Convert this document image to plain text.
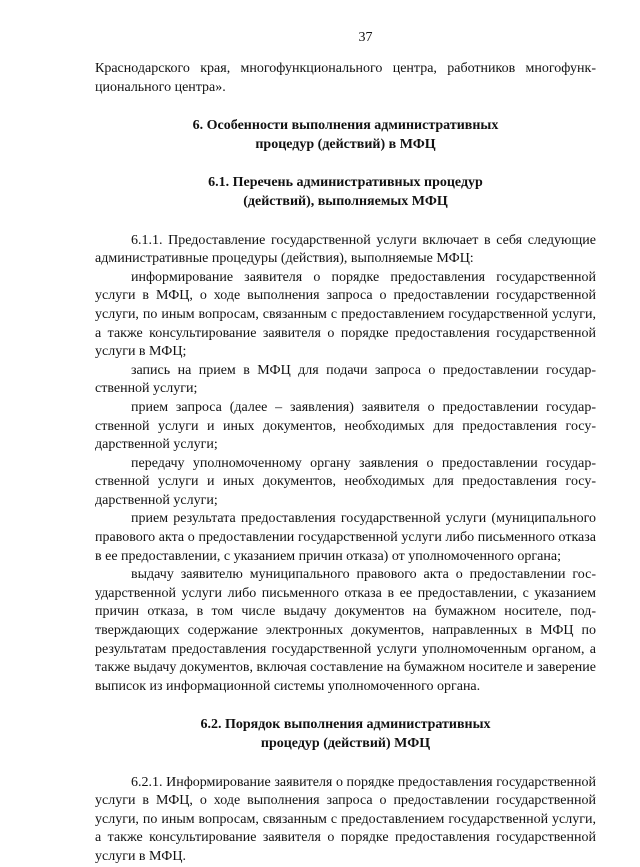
37

Краснодарского края, многофункционального центра, работников многофункционального центра».

6. Особенности выполнения административных
процедур (действий) в МФЦ
6.1. Перечень административных процедур
(действий), выполняемых МФЦ

6.1.1. Предоставление государственной услуги включает в себя следующие административные процедуры (действия), выполняемые МФЦ:

информирование заявителя о порядке предоставления государственной услуги в МФЦ, о ходе выполнения запроса о предоставлении государственной услуги, по иным вопросам, связанным с предоставлением государственной услуги, а также консультирование заявителя о порядке предоставления государственной услуги в МФЦ;

запись на прием в МФЦ для подачи запроса о предоставлении государственной услуги;

прием запроса (далее – заявления) заявителя о предоставлении государственной услуги и иных документов, необходимых для предоставления государственной услуги;

передачу уполномоченному органу заявления о предоставлении государственной услуги и иных документов, необходимых для предоставления государственной услуги;

прием результата предоставления государственной услуги (муниципального правового акта о предоставлении государственной услуги либо письменного отказа в ее предоставлении, с указанием причин отказа) от уполномоченного органа;

выдачу заявителю муниципального правового акта о предоставлении государственной услуги либо письменного отказа в ее предоставлении, с указанием причин отказа, в том числе выдачу документов на бумажном носителе, подтверждающих содержание электронных документов, направленных в МФЦ по результатам предоставления государственной услуги уполномоченным органом, а также выдачу документов, включая составление на бумажном носителе и заверение выписок из информационной системы уполномоченного органа.

6.2. Порядок выполнения административных
процедур (действий) МФЦ

6.2.1. Информирование заявителя о порядке предоставления государственной услуги в МФЦ, о ходе выполнения запроса о предоставлении государственной услуги, по иным вопросам, связанным с предоставлением государственной услуги, а также консультирование заявителя о порядке предоставления государственной услуги в МФЦ.
